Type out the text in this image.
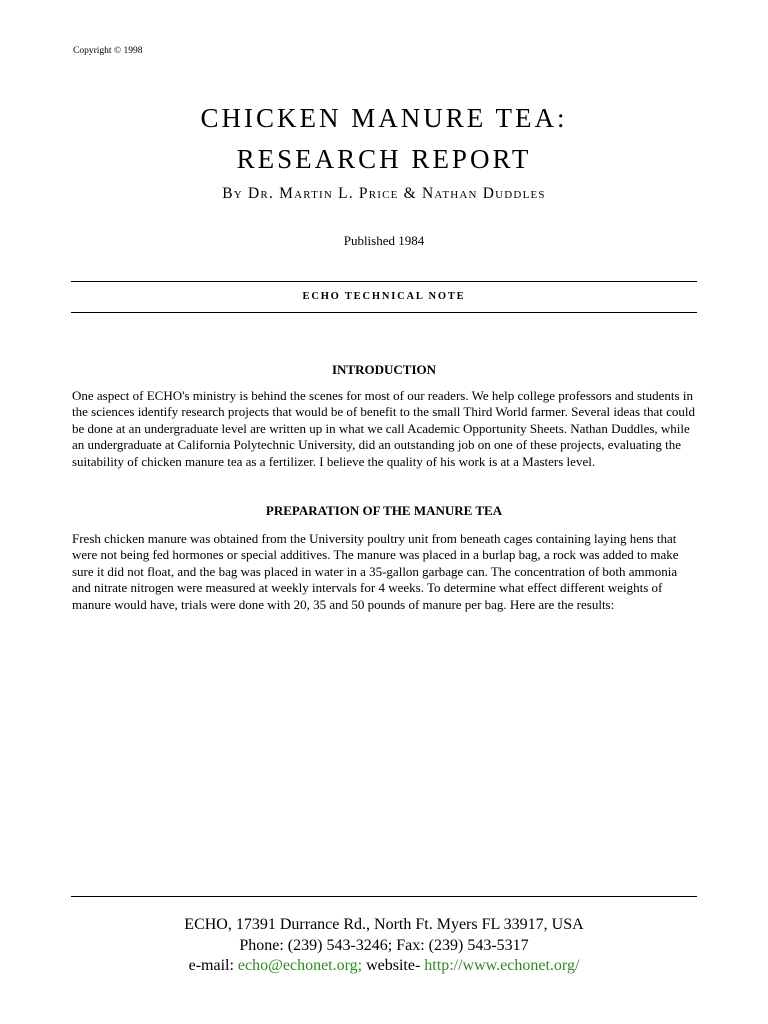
Copyright © 1998
CHICKEN MANURE TEA:
RESEARCH REPORT
By Dr. Martin L. Price & Nathan Duddles
Published 1984
ECHO TECHNICAL NOTE
INTRODUCTION

One aspect of ECHO's ministry is behind the scenes for most of our readers. We help college professors and students in the sciences identify research projects that would be of benefit to the small Third World farmer. Several ideas that could be done at an undergraduate level are written up in what we call Academic Opportunity Sheets. Nathan Duddles, while an undergraduate at California Polytechnic University, did an outstanding job on one of these projects, evaluating the suitability of chicken manure tea as a fertilizer. I believe the quality of his work is at a Masters level.

PREPARATION OF THE MANURE TEA

Fresh chicken manure was obtained from the University poultry unit from beneath cages containing laying hens that were not being fed hormones or special additives. The manure was placed in a burlap bag, a rock was added to make sure it did not float, and the bag was placed in water in a 35-gallon garbage can. The concentration of both ammonia and nitrate nitrogen were measured at weekly intervals for 4 weeks. To determine what effect different weights of manure would have, trials were done with 20, 35 and 50 pounds of manure per bag. Here are the results:

ECHO, 17391 Durrance Rd., North Ft. Myers FL 33917, USA
Phone: (239) 543-3246; Fax: (239) 543-5317
e-mail: echo@echonet.org; website- http://www.echonet.org/
